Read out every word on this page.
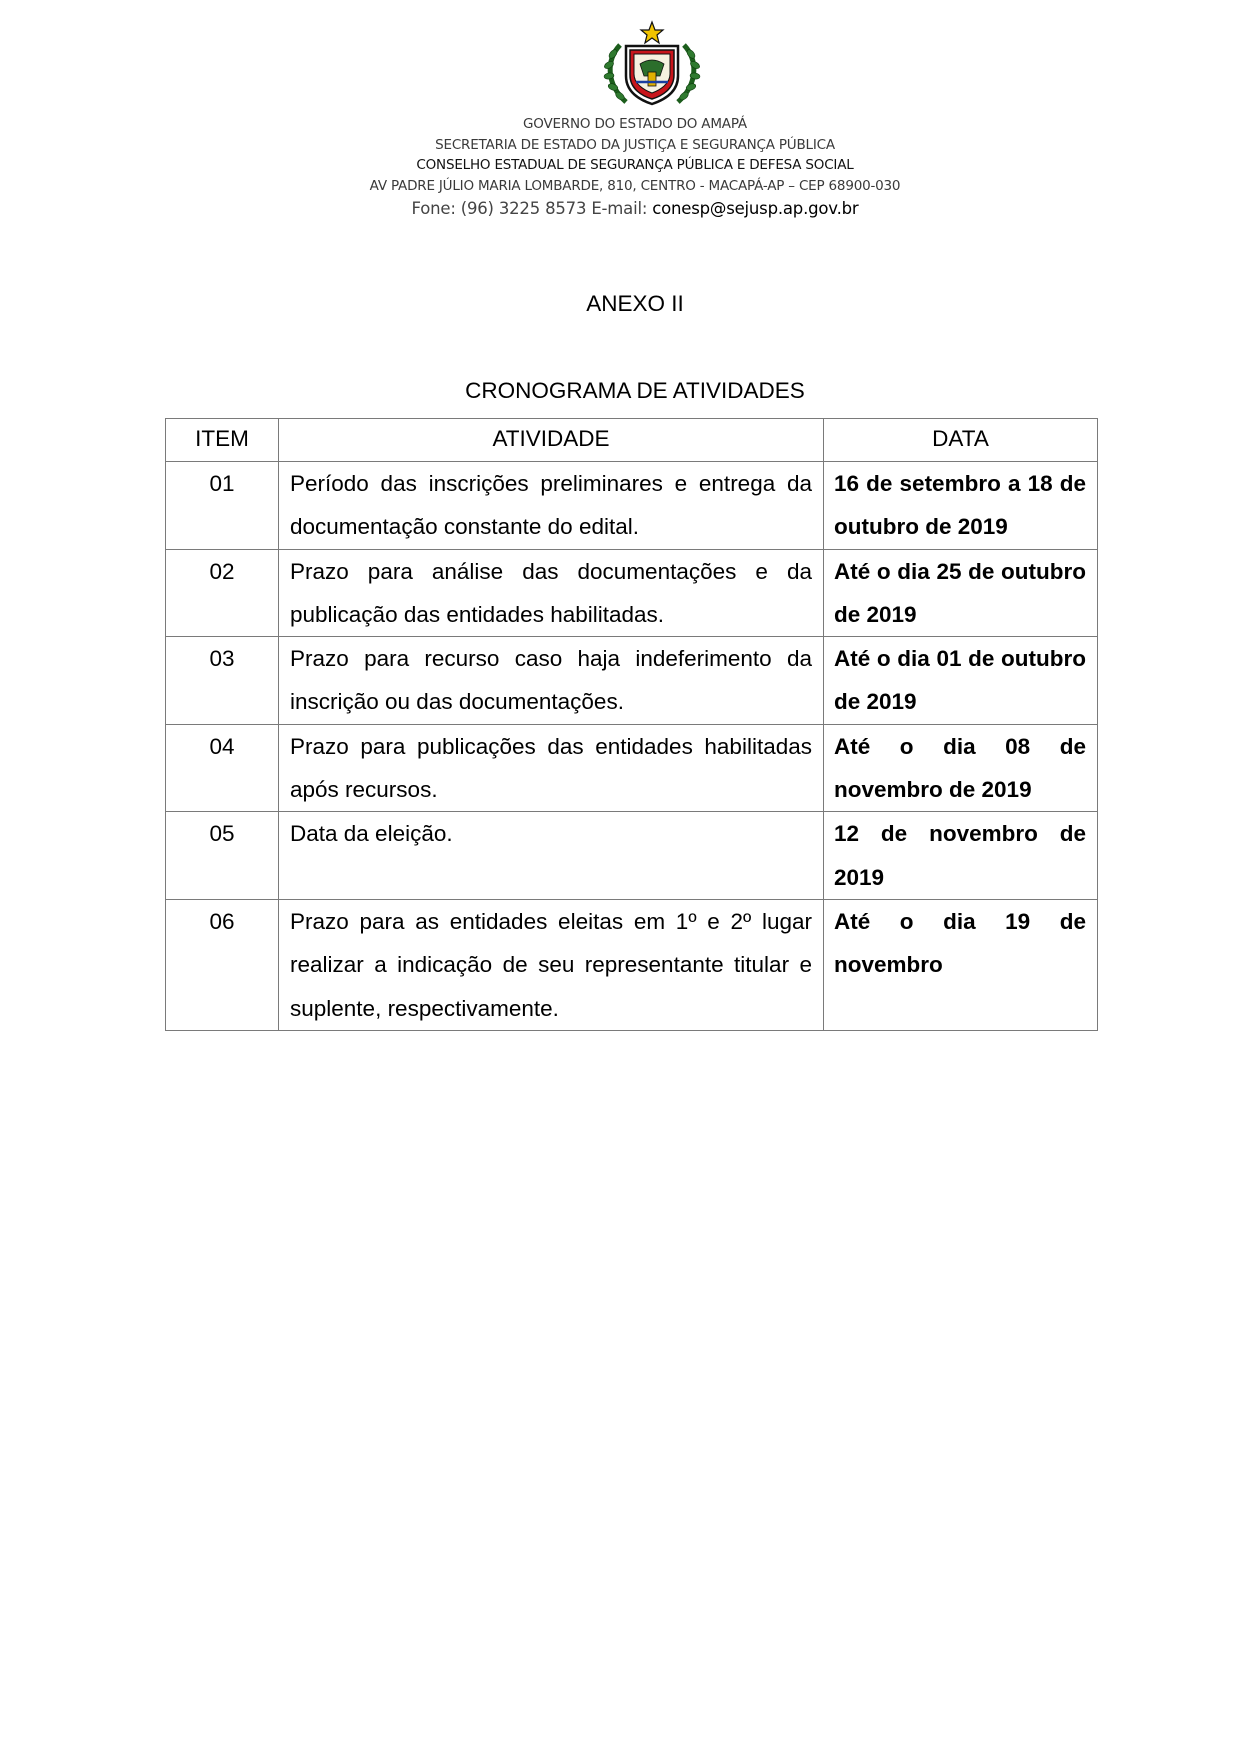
GOVERNO DO ESTADO DO AMAPÁ
SECRETARIA DE ESTADO DA JUSTIÇA E SEGURANÇA PÚBLICA
CONSELHO ESTADUAL DE SEGURANÇA PÚBLICA E DEFESA SOCIAL
AV PADRE JÚLIO MARIA LOMBARDE, 810, CENTRO - MACAPÁ-AP – CEP 68900-030
Fone: (96) 3225 8573 E-mail: conesp@sejusp.ap.gov.br
ANEXO II
CRONOGRAMA DE ATIVIDADES
ITEM	ATIVIDADE	DATA
01	Período das inscrições preliminares e entrega da documentação constante do edital.	16 de setembro a 18 de outubro de 2019
02	Prazo para análise das documentações e da publicação das entidades habilitadas.	Até o dia 25 de outubro de 2019
03	Prazo para recurso caso haja indeferimento da inscrição ou das documentações.	Até o dia 01 de outubro de 2019
04	Prazo para publicações das entidades habilitadas após recursos.	Até o dia 08 de novembro de 2019
05	Data da eleição.	12 de novembro de 2019
06	Prazo para as entidades eleitas em 1º e 2º lugar realizar a indicação de seu representante titular e suplente, respectivamente.	Até o dia 19 de novembro
